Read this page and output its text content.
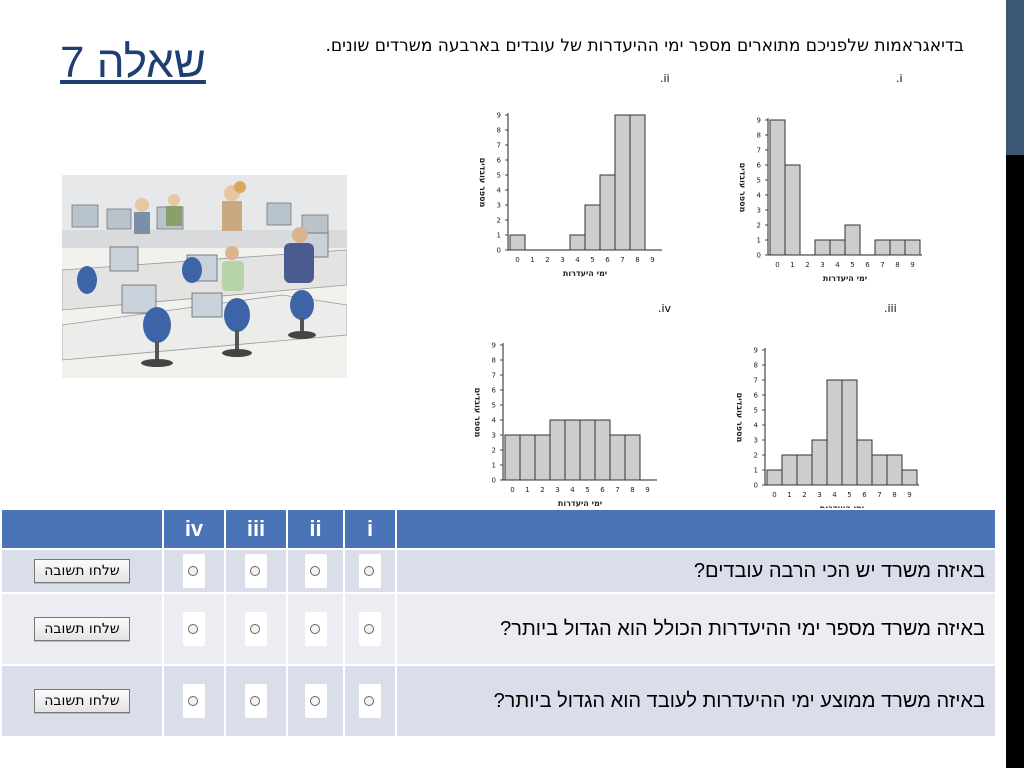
שאלה 7	בדיאגראמות שלפניכם מתוארים מספר ימי ההיעדרות של עובדים בארבעה משרדים שונים.
.ii	.i
.iv	.iii
0
1
2
3
4
5
6
7
8
9
0 1 2 3 4 5 6 7 8 9
ימי היעדרות
מספר עובדים
0
1
2
3
4
5
6
7
8
9
0 1 2 3 4 5 6 7 8 9
ימי היעדרות
מספר עובדים
0
1
2
3
4
5
6
7
8
9
0 1 2 3 4 5 6 7 8 9
ימי היעדרות
מספר עובדים
0
1
2
3
4
5
6
7
8
9
0 1 2 3 4 5 6 7 8 9
מספר עובדים
	iv	iii	ii	i	
שלחו תשובה					באיזה משרד יש הכי הרבה עובדים?
שלחו תשובה					באיזה משרד מספר ימי ההיעדרות הכולל הוא הגדול ביותר?
שלחו תשובה					באיזה משרד ממוצע ימי ההיעדרות לעובד הוא הגדול ביותר?
